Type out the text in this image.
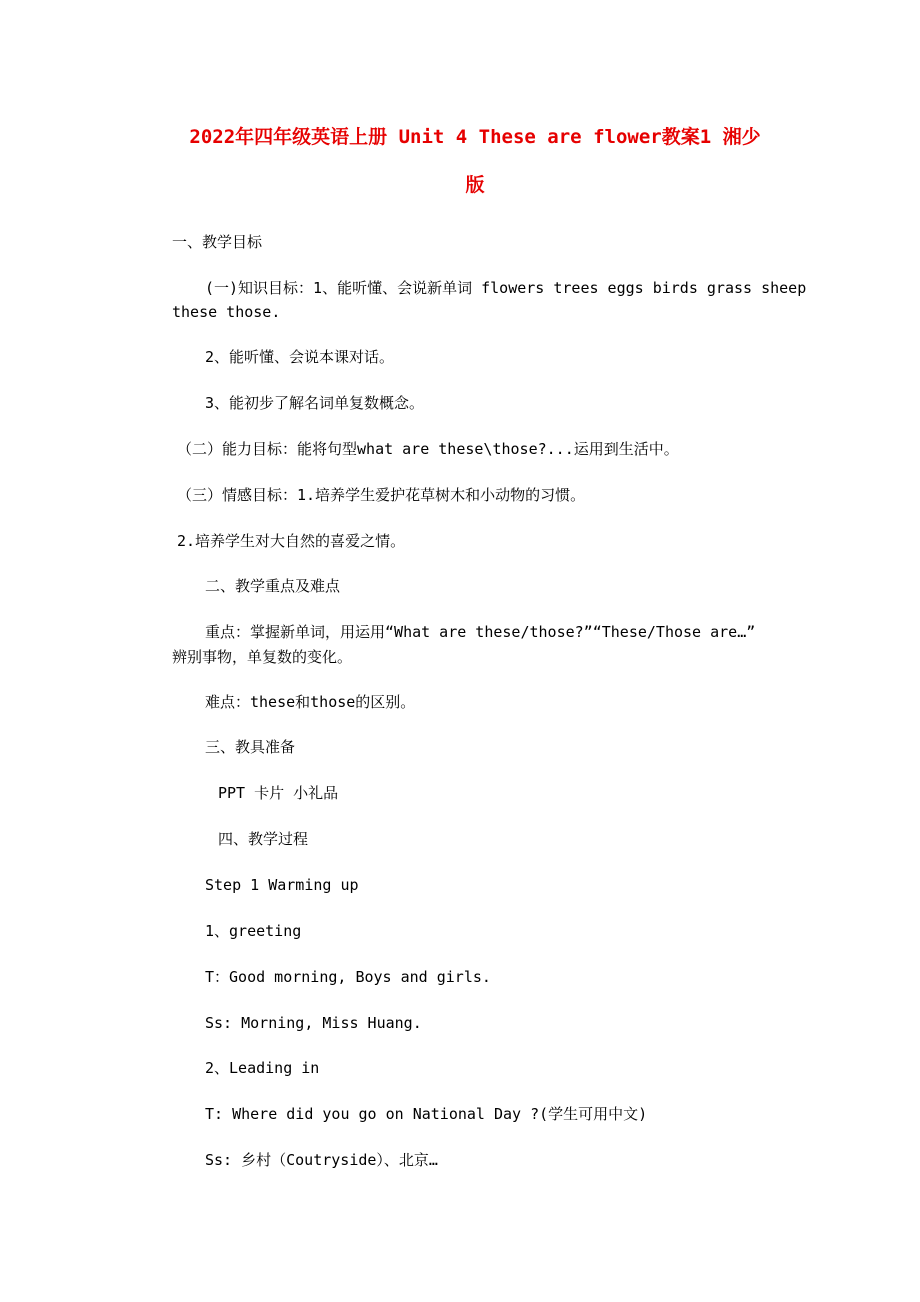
2022年四年级英语上册 Unit 4 These are flower教案1 湘少
版
一、教学目标
(一)知识目标：1、能听懂、会说新单词 flowers trees eggs birds grass sheep
these those.
2、能听懂、会说本课对话。
3、能初步了解名词单复数概念。
（二）能力目标：能将句型what are these\those?...运用到生活中。
（三）情感目标：1.培养学生爱护花草树木和小动物的习惯。
2.培养学生对大自然的喜爱之情。
二、教学重点及难点
重点：掌握新单词，用运用“What are these/those?”“These/Those are…”
辨别事物，单复数的变化。
难点：these和those的区别。
三、教具准备
PPT 卡片 小礼品
四、教学过程
Step 1 Warming up
1、greeting
T：Good morning, Boys and girls.
Ss: Morning, Miss Huang.
2、Leading in
T: Where did you go on National Day ?(学生可用中文)
Ss: 乡村（Coutryside）、北京…
